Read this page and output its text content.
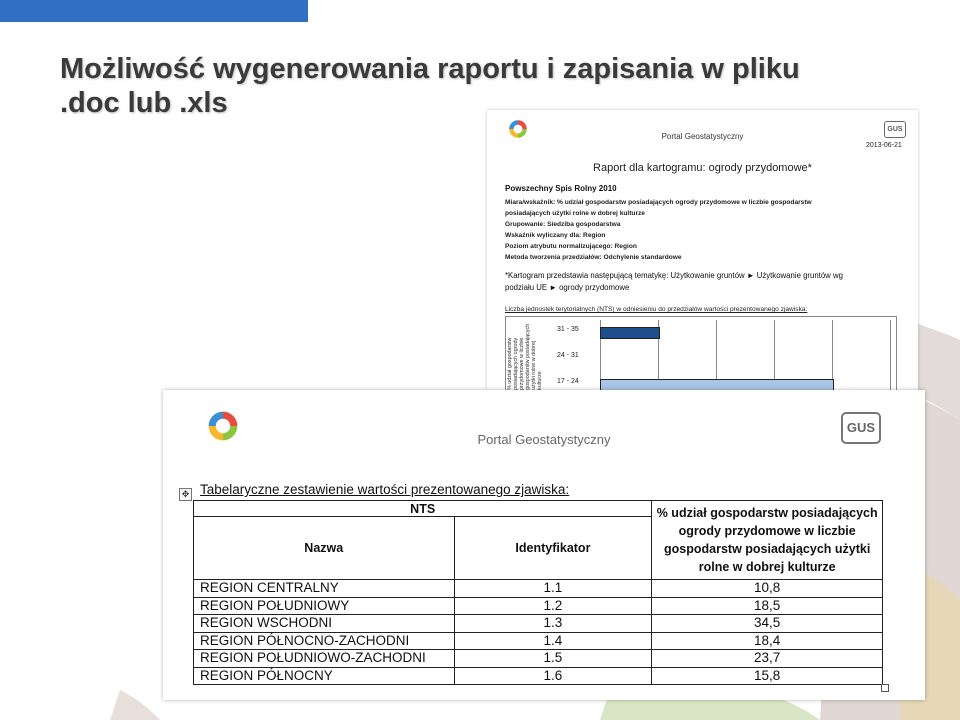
Możliwość wygenerowania raportu i zapisania w pliku
.doc lub .xls
Portal Geostatystyczny
GUS
2013-06-21
Raport dla kartogramu: ogrody przydomowe*
Powszechny Spis Rolny 2010
Miara/wskaźnik: % udział gospodarstw posiadających ogrody przydomowe w liczbie gospodarstw
posiadających użytki rolne w dobrej kulturze
Grupowanie: Siedziba gospodarstwa
Wskaźnik wyliczany dla: Region
Poziom atrybutu normalizującego: Region
Metoda tworzenia przedziałów: Odchylenie standardowe
*Kartogram przedstawia następującą tematykę: Użytkowanie gruntów ► Użytkowanie gruntów wg
podziału UE ► ogrody przydomowe
Liczba jednostek terytorialnych (NTS) w odniesieniu do przedziałów wartości prezentowanego zjawiska:
% udział gospodarstw posiadających ogrody przydomowe w liczbie gospodarstw posiadających użytki rolne w dobrej kulturze
31 - 35
24 - 31
17 - 24
Portal Geostatystyczny
GUS
✥ Tabelaryczne zestawienie wartości prezentowanego zjawiska:
NTS		% udział gospodarstw posiadających ogrody przydomowe w liczbie gospodarstw posiadających użytki rolne w dobrej kulturze
Nazwa	Identyfikator	
REGION CENTRALNY	1.1	10,8
REGION POŁUDNIOWY	1.2	18,5
REGION WSCHODNI	1.3	34,5
REGION PÓŁNOCNO-ZACHODNI	1.4	18,4
REGION POŁUDNIOWO-ZACHODNI	1.5	23,7
REGION PÓŁNOCNY	1.6	15,8
